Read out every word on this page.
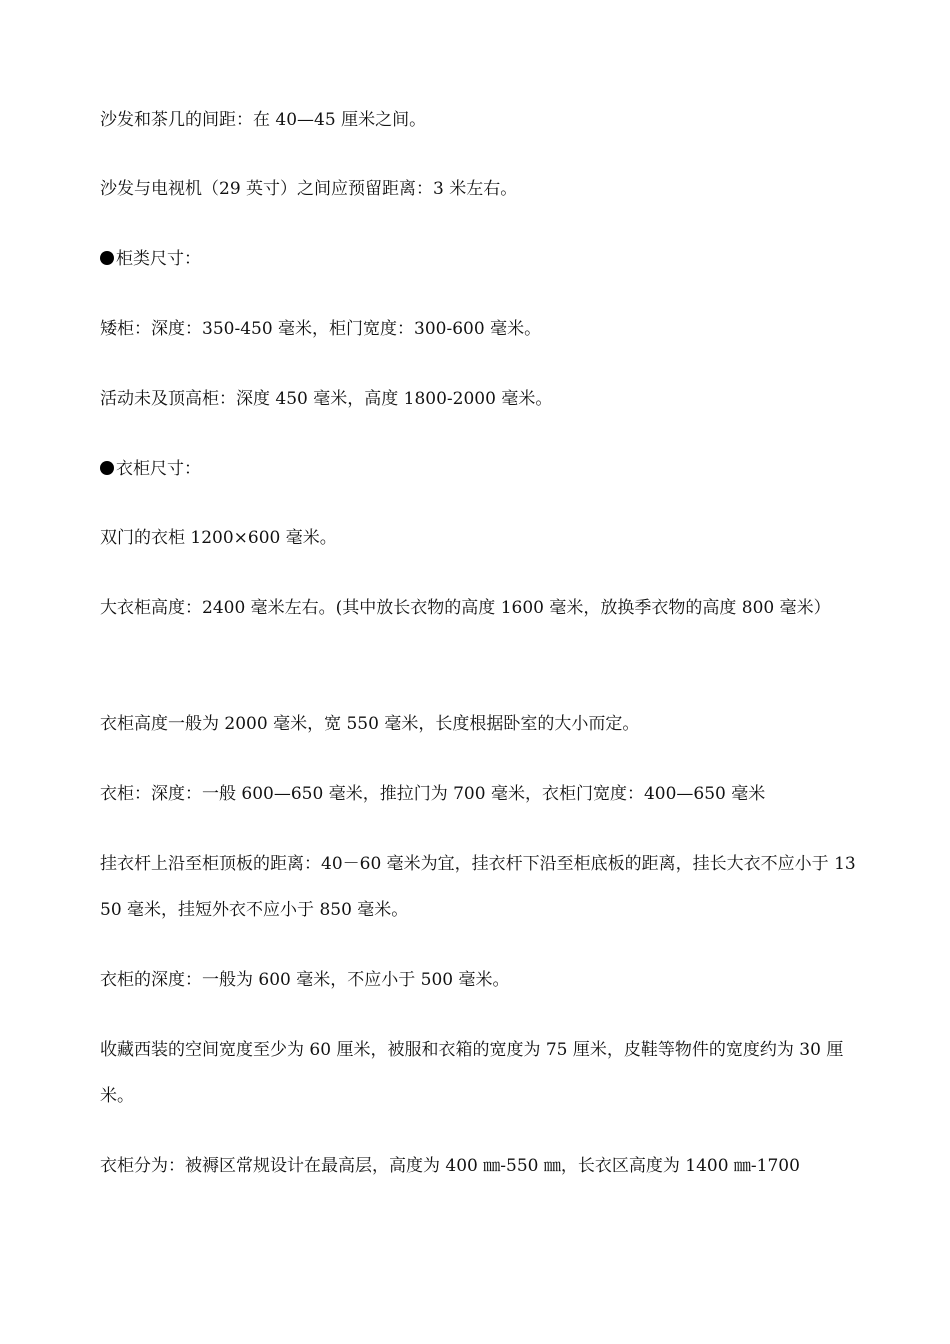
沙发和茶几的间距：在 40—45 厘米之间。
沙发与电视机（29 英寸）之间应预留距离：3 米左右。
柜类尺寸：
矮柜：深度：350-450 毫米，柜门宽度：300-600 毫米。
活动未及顶高柜：深度 450 毫米，高度 1800-2000 毫米。
衣柜尺寸：
双门的衣柜 1200×600 毫米。
大衣柜高度：2400 毫米左右。(其中放长衣物的高度 1600 毫米，放换季衣物的高度 800 毫米）
衣柜高度一般为 2000 毫米，宽 550 毫米，长度根据卧室的大小而定。
衣柜：深度：一般 600—650 毫米，推拉门为 700 毫米，衣柜门宽度：400—650 毫米
挂衣杆上沿至柜顶板的距离：40－60 毫米为宜，挂衣杆下沿至柜底板的距离，挂长大衣不应小于 1350 毫米，挂短外衣不应小于 850 毫米。
衣柜的深度：一般为 600 毫米，不应小于 500 毫米。
收藏西装的空间宽度至少为 60 厘米，被服和衣箱的宽度为 75 厘米，皮鞋等物件的宽度约为 30 厘米。
衣柜分为：被褥区常规设计在最高层，高度为 400 ㎜-550 ㎜，长衣区高度为 1400 ㎜-1700
